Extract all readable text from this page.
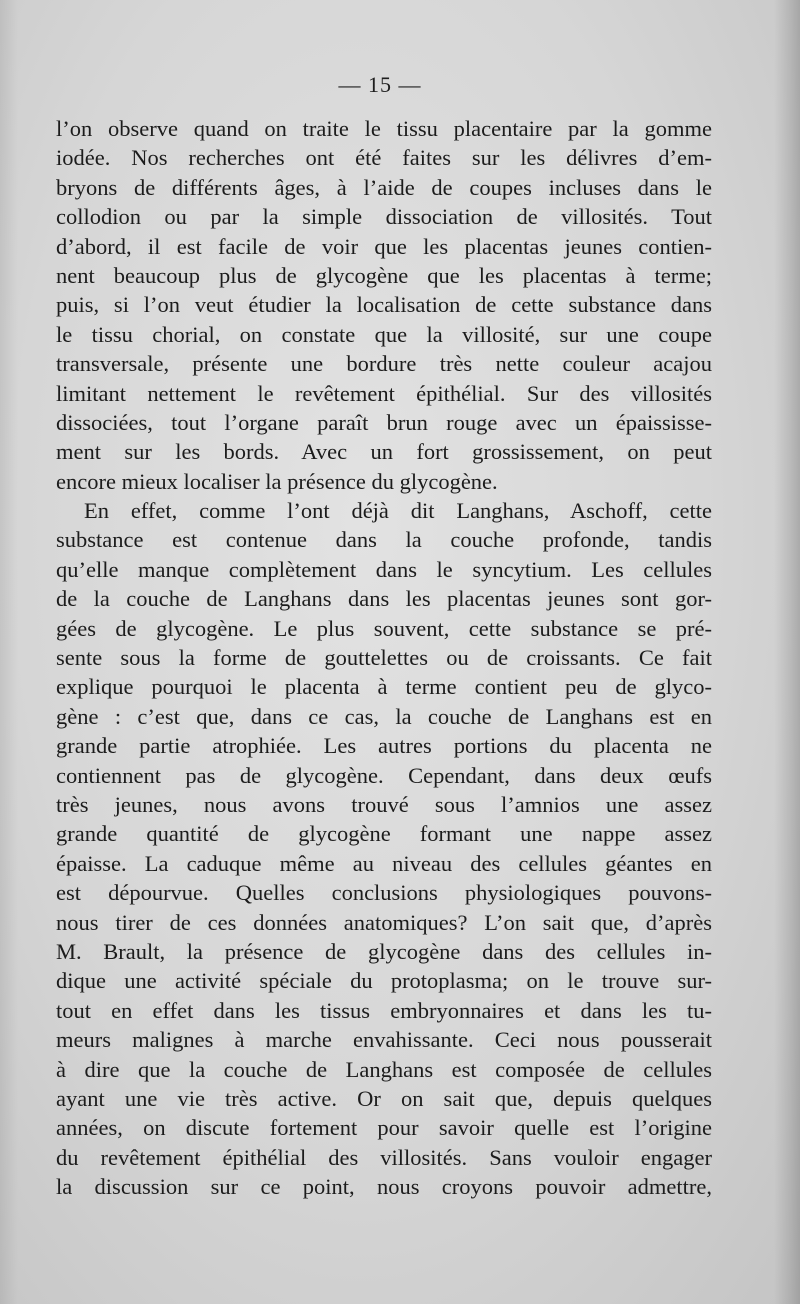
— 15 —
l’on observe quand on traite le tissu placentaire par la gomme
iodée. Nos recherches ont été faites sur les délivres d’em-
bryons de différents âges, à l’aide de coupes incluses dans le
collodion ou par la simple dissociation de villosités. Tout
d’abord, il est facile de voir que les placentas jeunes contien-
nent beaucoup plus de glycogène que les placentas à terme;
puis, si l’on veut étudier la localisation de cette substance dans
le tissu chorial, on constate que la villosité, sur une coupe
transversale, présente une bordure très nette couleur acajou
limitant nettement le revêtement épithélial. Sur des villosités
dissociées, tout l’organe paraît brun rouge avec un épaississe-
ment sur les bords. Avec un fort grossissement, on peut
encore mieux localiser la présence du glycogène.
En effet, comme l’ont déjà dit Langhans, Aschoff, cette
substance est contenue dans la couche profonde, tandis
qu’elle manque complètement dans le syncytium. Les cellules
de la couche de Langhans dans les placentas jeunes sont gor-
gées de glycogène. Le plus souvent, cette substance se pré-
sente sous la forme de gouttelettes ou de croissants. Ce fait
explique pourquoi le placenta à terme contient peu de glyco-
gène : c’est que, dans ce cas, la couche de Langhans est en
grande partie atrophiée. Les autres portions du placenta ne
contiennent pas de glycogène. Cependant, dans deux œufs
très jeunes, nous avons trouvé sous l’amnios une assez
grande quantité de glycogène formant une nappe assez
épaisse. La caduque même au niveau des cellules géantes en
est dépourvue. Quelles conclusions physiologiques pouvons-
nous tirer de ces données anatomiques? L’on sait que, d’après
M. Brault, la présence de glycogène dans des cellules in-
dique une activité spéciale du protoplasma; on le trouve sur-
tout en effet dans les tissus embryonnaires et dans les tu-
meurs malignes à marche envahissante. Ceci nous pousserait
à dire que la couche de Langhans est composée de cellules
ayant une vie très active. Or on sait que, depuis quelques
années, on discute fortement pour savoir quelle est l’origine
du revêtement épithélial des villosités. Sans vouloir engager
la discussion sur ce point, nous croyons pouvoir admettre,
